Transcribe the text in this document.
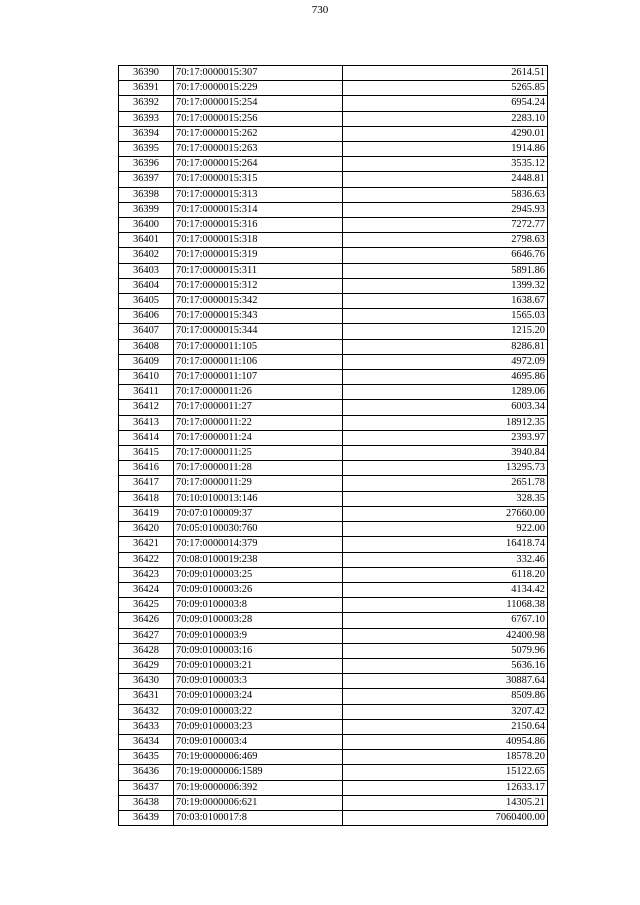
730
36390	70:17:0000015:307	2614.51
36391	70:17:0000015:229	5265.85
36392	70:17:0000015:254	6954.24
36393	70:17:0000015:256	2283.10
36394	70:17:0000015:262	4290.01
36395	70:17:0000015:263	1914.86
36396	70:17:0000015:264	3535.12
36397	70:17:0000015:315	2448.81
36398	70:17:0000015:313	5836.63
36399	70:17:0000015:314	2945.93
36400	70:17:0000015:316	7272.77
36401	70:17:0000015:318	2798.63
36402	70:17:0000015:319	6646.76
36403	70:17:0000015:311	5891.86
36404	70:17:0000015:312	1399.32
36405	70:17:0000015:342	1638.67
36406	70:17:0000015:343	1565.03
36407	70:17:0000015:344	1215.20
36408	70:17:0000011:105	8286.81
36409	70:17:0000011:106	4972.09
36410	70:17:0000011:107	4695.86
36411	70:17:0000011:26	1289.06
36412	70:17:0000011:27	6003.34
36413	70:17:0000011:22	18912.35
36414	70:17:0000011:24	2393.97
36415	70:17:0000011:25	3940.84
36416	70:17:0000011:28	13295.73
36417	70:17:0000011:29	2651.78
36418	70:10:0100013:146	328.35
36419	70:07:0100009:37	27660.00
36420	70:05:0100030:760	922.00
36421	70:17:0000014:379	16418.74
36422	70:08:0100019:238	332.46
36423	70:09:0100003:25	6118.20
36424	70:09:0100003:26	4134.42
36425	70:09:0100003:8	11068.38
36426	70:09:0100003:28	6767.10
36427	70:09:0100003:9	42400.98
36428	70:09:0100003:16	5079.96
36429	70:09:0100003:21	5636.16
36430	70:09:0100003:3	30887.64
36431	70:09:0100003:24	8509.86
36432	70:09:0100003:22	3207.42
36433	70:09:0100003:23	2150.64
36434	70:09:0100003:4	40954.86
36435	70:19:0000006:469	18578.20
36436	70:19:0000006:1589	15122.65
36437	70:19:0000006:392	12633.17
36438	70:19:0000006:621	14305.21
36439	70:03:0100017:8	7060400.00
